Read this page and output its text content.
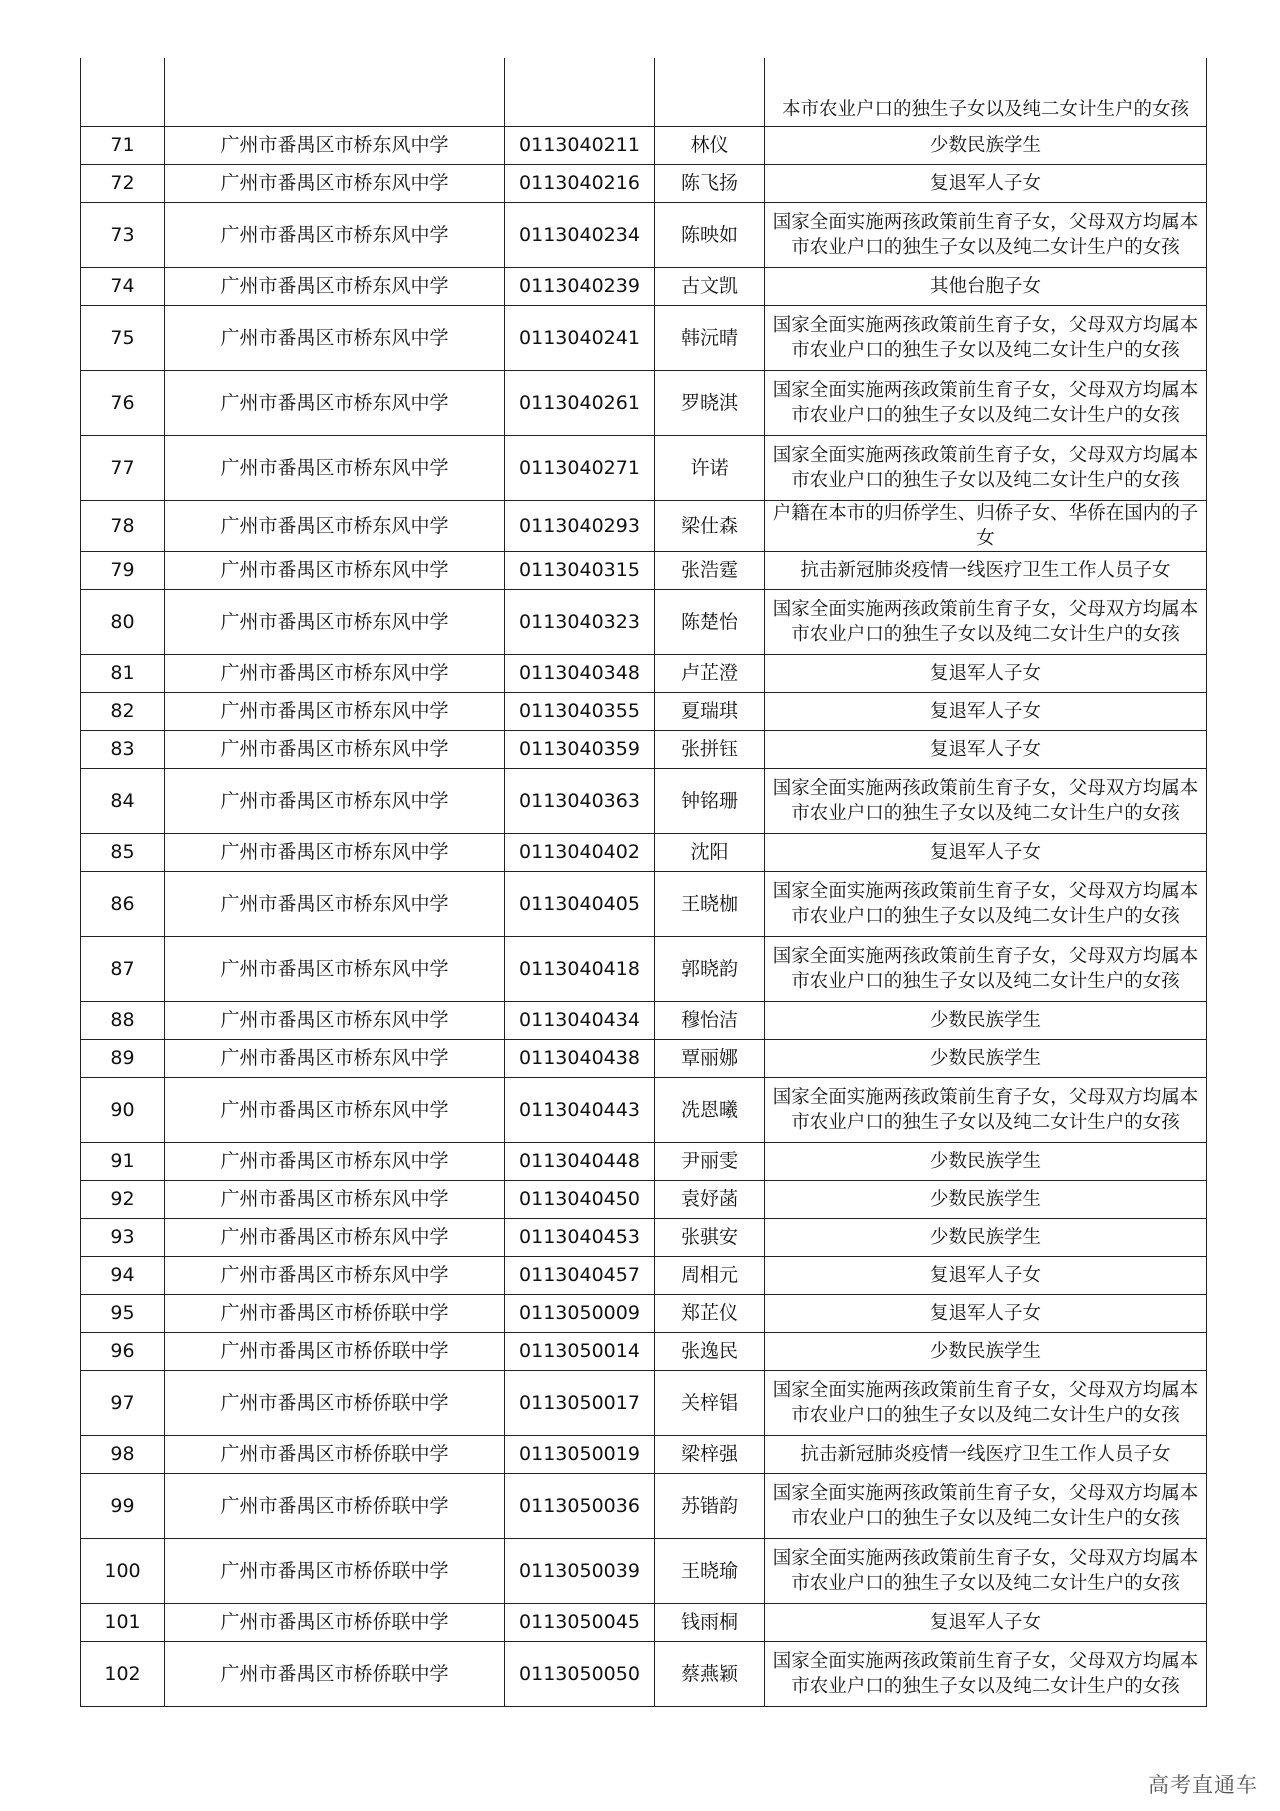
				本市农业户口的独生子女以及纯二女计生户的女孩
71	广州市番禺区市桥东风中学	0113040211	林仪	少数民族学生
72	广州市番禺区市桥东风中学	0113040216	陈飞扬	复退军人子女
73	广州市番禺区市桥东风中学	0113040234	陈映如	国家全面实施两孩政策前生育子女，父母双方均属本市农业户口的独生子女以及纯二女计生户的女孩
74	广州市番禺区市桥东风中学	0113040239	古文凯	其他台胞子女
75	广州市番禺区市桥东风中学	0113040241	韩沅晴	国家全面实施两孩政策前生育子女，父母双方均属本市农业户口的独生子女以及纯二女计生户的女孩
76	广州市番禺区市桥东风中学	0113040261	罗晓淇	国家全面实施两孩政策前生育子女，父母双方均属本市农业户口的独生子女以及纯二女计生户的女孩
77	广州市番禺区市桥东风中学	0113040271	许诺	国家全面实施两孩政策前生育子女，父母双方均属本市农业户口的独生子女以及纯二女计生户的女孩
78	广州市番禺区市桥东风中学	0113040293	梁仕森	户籍在本市的归侨学生、归侨子女、华侨在国内的子女
79	广州市番禺区市桥东风中学	0113040315	张浩霆	抗击新冠肺炎疫情一线医疗卫生工作人员子女
80	广州市番禺区市桥东风中学	0113040323	陈楚怡	国家全面实施两孩政策前生育子女，父母双方均属本市农业户口的独生子女以及纯二女计生户的女孩
81	广州市番禺区市桥东风中学	0113040348	卢芷澄	复退军人子女
82	广州市番禺区市桥东风中学	0113040355	夏瑞琪	复退军人子女
83	广州市番禺区市桥东风中学	0113040359	张拼钰	复退军人子女
84	广州市番禺区市桥东风中学	0113040363	钟铭珊	国家全面实施两孩政策前生育子女，父母双方均属本市农业户口的独生子女以及纯二女计生户的女孩
85	广州市番禺区市桥东风中学	0113040402	沈阳	复退军人子女
86	广州市番禺区市桥东风中学	0113040405	王晓枷	国家全面实施两孩政策前生育子女，父母双方均属本市农业户口的独生子女以及纯二女计生户的女孩
87	广州市番禺区市桥东风中学	0113040418	郭晓韵	国家全面实施两孩政策前生育子女，父母双方均属本市农业户口的独生子女以及纯二女计生户的女孩
88	广州市番禺区市桥东风中学	0113040434	穆怡洁	少数民族学生
89	广州市番禺区市桥东风中学	0113040438	覃丽娜	少数民族学生
90	广州市番禺区市桥东风中学	0113040443	冼恩曦	国家全面实施两孩政策前生育子女，父母双方均属本市农业户口的独生子女以及纯二女计生户的女孩
91	广州市番禺区市桥东风中学	0113040448	尹丽雯	少数民族学生
92	广州市番禺区市桥东风中学	0113040450	袁妤菡	少数民族学生
93	广州市番禺区市桥东风中学	0113040453	张骐安	少数民族学生
94	广州市番禺区市桥东风中学	0113040457	周相元	复退军人子女
95	广州市番禺区市桥侨联中学	0113050009	郑芷仪	复退军人子女
96	广州市番禺区市桥侨联中学	0113050014	张逸民	少数民族学生
97	广州市番禺区市桥侨联中学	0113050017	关梓锠	国家全面实施两孩政策前生育子女，父母双方均属本市农业户口的独生子女以及纯二女计生户的女孩
98	广州市番禺区市桥侨联中学	0113050019	梁梓强	抗击新冠肺炎疫情一线医疗卫生工作人员子女
99	广州市番禺区市桥侨联中学	0113050036	苏锴韵	国家全面实施两孩政策前生育子女，父母双方均属本市农业户口的独生子女以及纯二女计生户的女孩
100	广州市番禺区市桥侨联中学	0113050039	王晓瑜	国家全面实施两孩政策前生育子女，父母双方均属本市农业户口的独生子女以及纯二女计生户的女孩
101	广州市番禺区市桥侨联中学	0113050045	钱雨桐	复退军人子女
102	广州市番禺区市桥侨联中学	0113050050	蔡燕颖	国家全面实施两孩政策前生育子女，父母双方均属本市农业户口的独生子女以及纯二女计生户的女孩
高考直通车
